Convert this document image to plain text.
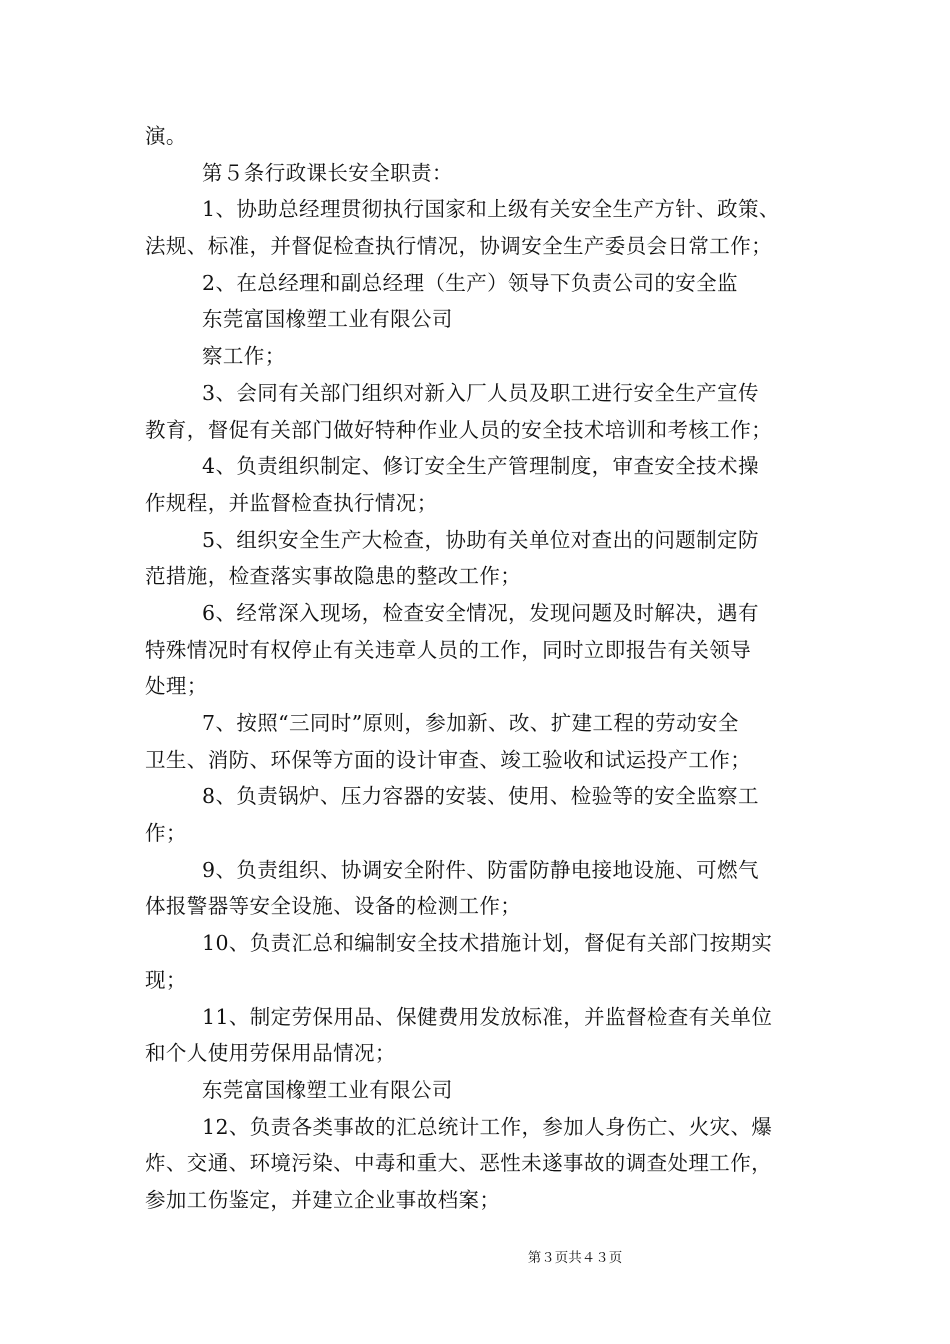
演。
第５条行政课长安全职责：
1、协助总经理贯彻执行国家和上级有关安全生产方针、政策、
法规、标准，并督促检查执行情况，协调安全生产委员会日常工作；
2、在总经理和副总经理（生产）领导下负责公司的安全监
东莞富国橡塑工业有限公司
察工作；
3、会同有关部门组织对新入厂人员及职工进行安全生产宣传
教育，督促有关部门做好特种作业人员的安全技术培训和考核工作；
4、负责组织制定、修订安全生产管理制度，审查安全技术操
作规程，并监督检查执行情况；
5、组织安全生产大检查，协助有关单位对查出的问题制定防
范措施，检查落实事故隐患的整改工作；
6、经常深入现场，检查安全情况，发现问题及时解决，遇有
特殊情况时有权停止有关违章人员的工作，同时立即报告有关领导
处理；
7、按照“三同时”原则，参加新、改、扩建工程的劳动安全
卫生、消防、环保等方面的设计审查、竣工验收和试运投产工作；
8、负责锅炉、压力容器的安装、使用、检验等的安全监察工
作；
9、负责组织、协调安全附件、防雷防静电接地设施、可燃气
体报警器等安全设施、设备的检测工作；
10、负责汇总和编制安全技术措施计划，督促有关部门按期实
现；
11、制定劳保用品、保健费用发放标准，并监督检查有关单位
和个人使用劳保用品情况；
东莞富国橡塑工业有限公司
12、负责各类事故的汇总统计工作，参加人身伤亡、火灾、爆
炸、交通、环境污染、中毒和重大、恶性未遂事故的调查处理工作，
参加工伤鉴定，并建立企业事故档案；
第３页共４３页
